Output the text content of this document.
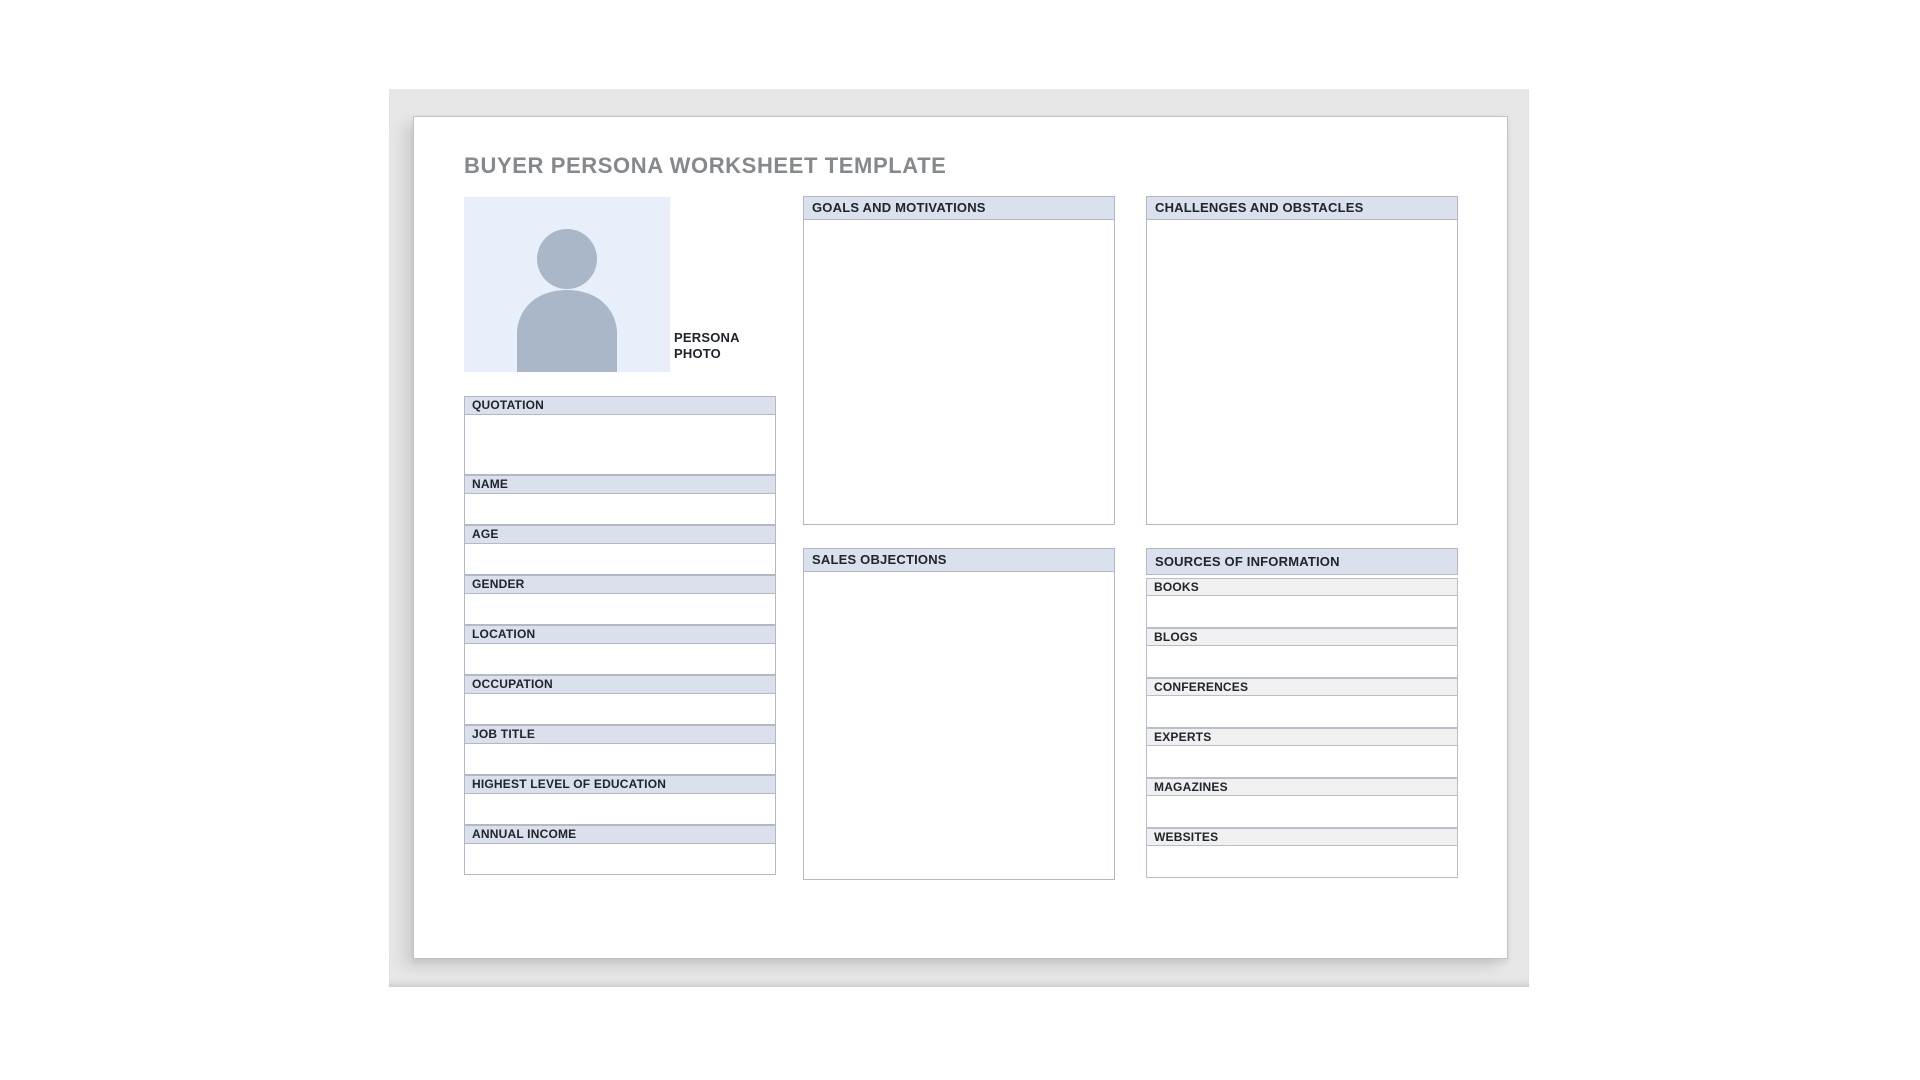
BUYER PERSONA WORKSHEET TEMPLATE
PERSONA
PHOTO
QUOTATION
NAME
AGE
GENDER
LOCATION
OCCUPATION
JOB TITLE
HIGHEST LEVEL OF EDUCATION
ANNUAL INCOME
GOALS AND MOTIVATIONS	CHALLENGES AND OBSTACLES
SALES OBJECTIONS	SOURCES OF INFORMATION
BOOKS
BLOGS
CONFERENCES
EXPERTS
MAGAZINES
WEBSITES
